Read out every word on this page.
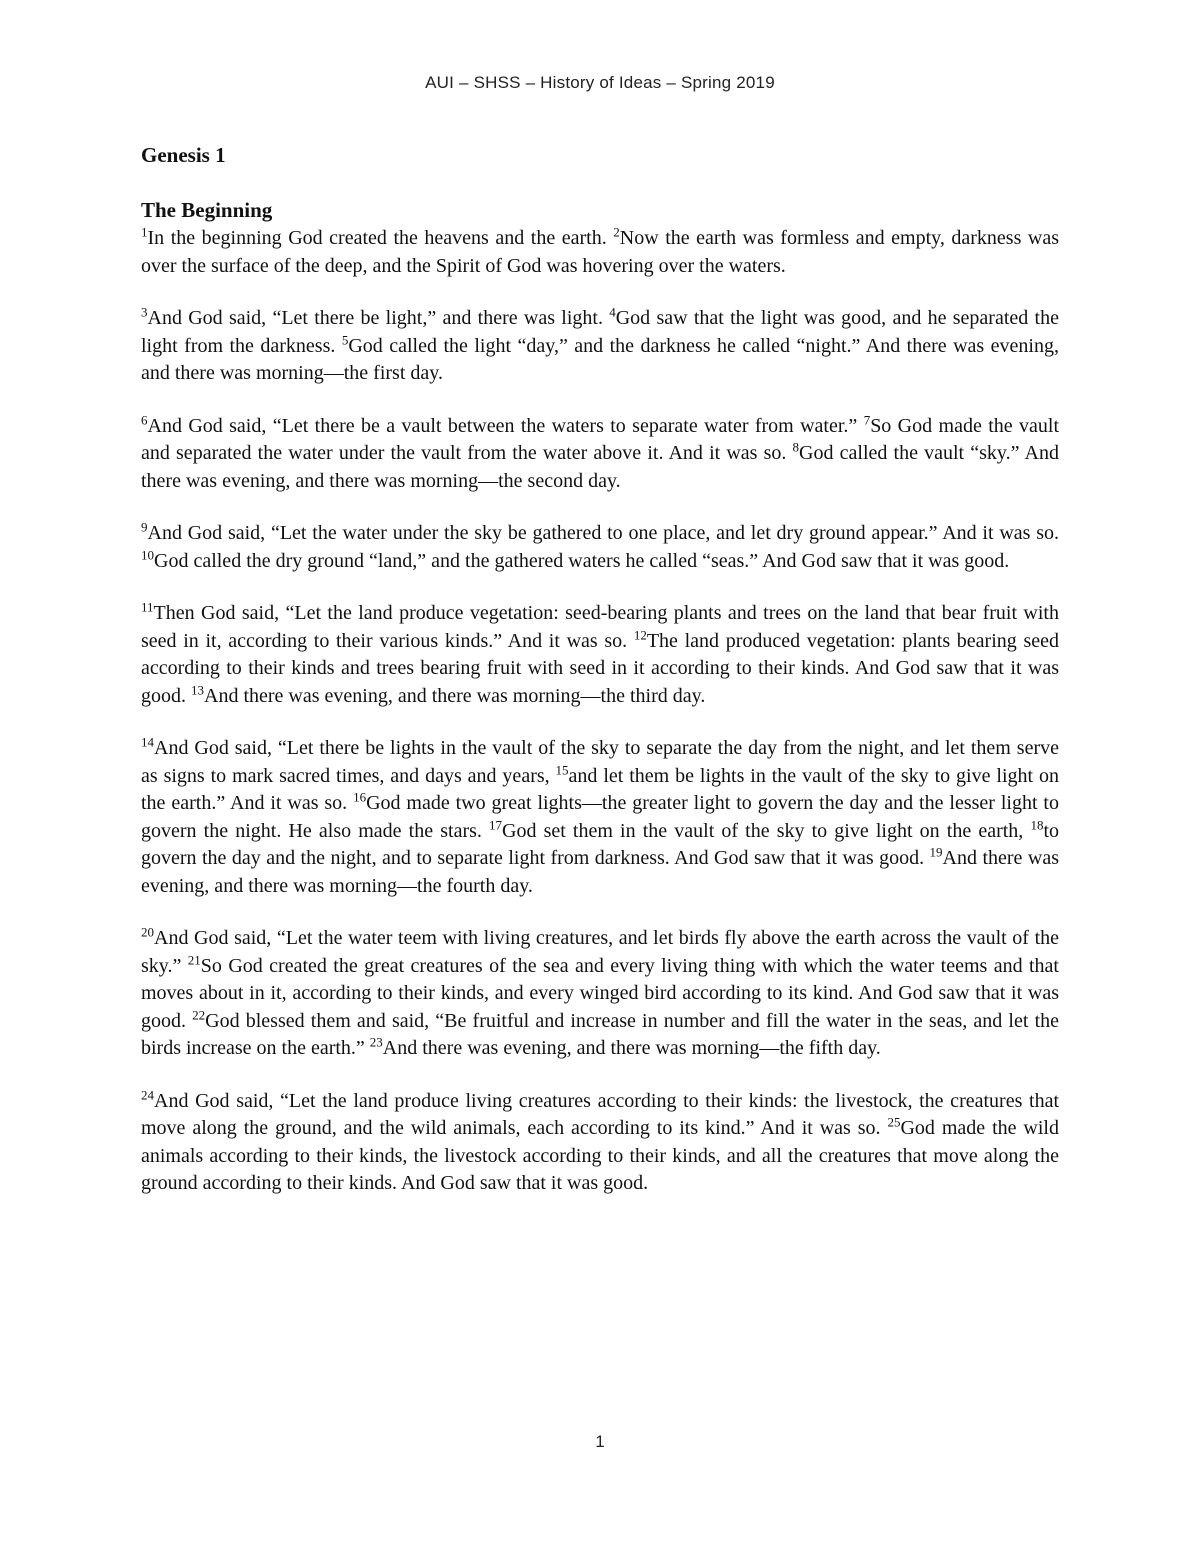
AUI – SHSS – History of Ideas – Spring 2019
Genesis 1
The Beginning

$^1$In the beginning God created the heavens and the earth. $^2$Now the earth was formless and empty, darkness was over the surface of the deep, and the Spirit of God was hovering over the waters.

$^3$And God said, “Let there be light,” and there was light. $^4$God saw that the light was good, and he separated the light from the darkness. $^5$God called the light “day,” and the darkness he called “night.” And there was evening, and there was morning—the first day.

$^6$And God said, “Let there be a vault between the waters to separate water from water.” $^7$So God made the vault and separated the water under the vault from the water above it. And it was so. $^8$God called the vault “sky.” And there was evening, and there was morning—the second day.

$^9$And God said, “Let the water under the sky be gathered to one place, and let dry ground appear.” And it was so. $^{10}$God called the dry ground “land,” and the gathered waters he called “seas.” And God saw that it was good.

$^{11}$Then God said, “Let the land produce vegetation: seed-bearing plants and trees on the land that bear fruit with seed in it, according to their various kinds.” And it was so. $^{12}$The land produced vegetation: plants bearing seed according to their kinds and trees bearing fruit with seed in it according to their kinds. And God saw that it was good. $^{13}$And there was evening, and there was morning—the third day.

$^{14}$And God said, “Let there be lights in the vault of the sky to separate the day from the night, and let them serve as signs to mark sacred times, and days and years, $^{15}$and let them be lights in the vault of the sky to give light on the earth.” And it was so. $^{16}$God made two great lights—the greater light to govern the day and the lesser light to govern the night. He also made the stars. $^{17}$God set them in the vault of the sky to give light on the earth, $^{18}$to govern the day and the night, and to separate light from darkness. And God saw that it was good. $^{19}$And there was evening, and there was morning—the fourth day.

$^{20}$And God said, “Let the water teem with living creatures, and let birds fly above the earth across the vault of the sky.” $^{21}$So God created the great creatures of the sea and every living thing with which the water teems and that moves about in it, according to their kinds, and every winged bird according to its kind. And God saw that it was good. $^{22}$God blessed them and said, “Be fruitful and increase in number and fill the water in the seas, and let the birds increase on the earth.” $^{23}$And there was evening, and there was morning—the fifth day.

$^{24}$And God said, “Let the land produce living creatures according to their kinds: the livestock, the creatures that move along the ground, and the wild animals, each according to its kind.” And it was so. $^{25}$God made the wild animals according to their kinds, the livestock according to their kinds, and all the creatures that move along the ground according to their kinds. And God saw that it was good.

1
